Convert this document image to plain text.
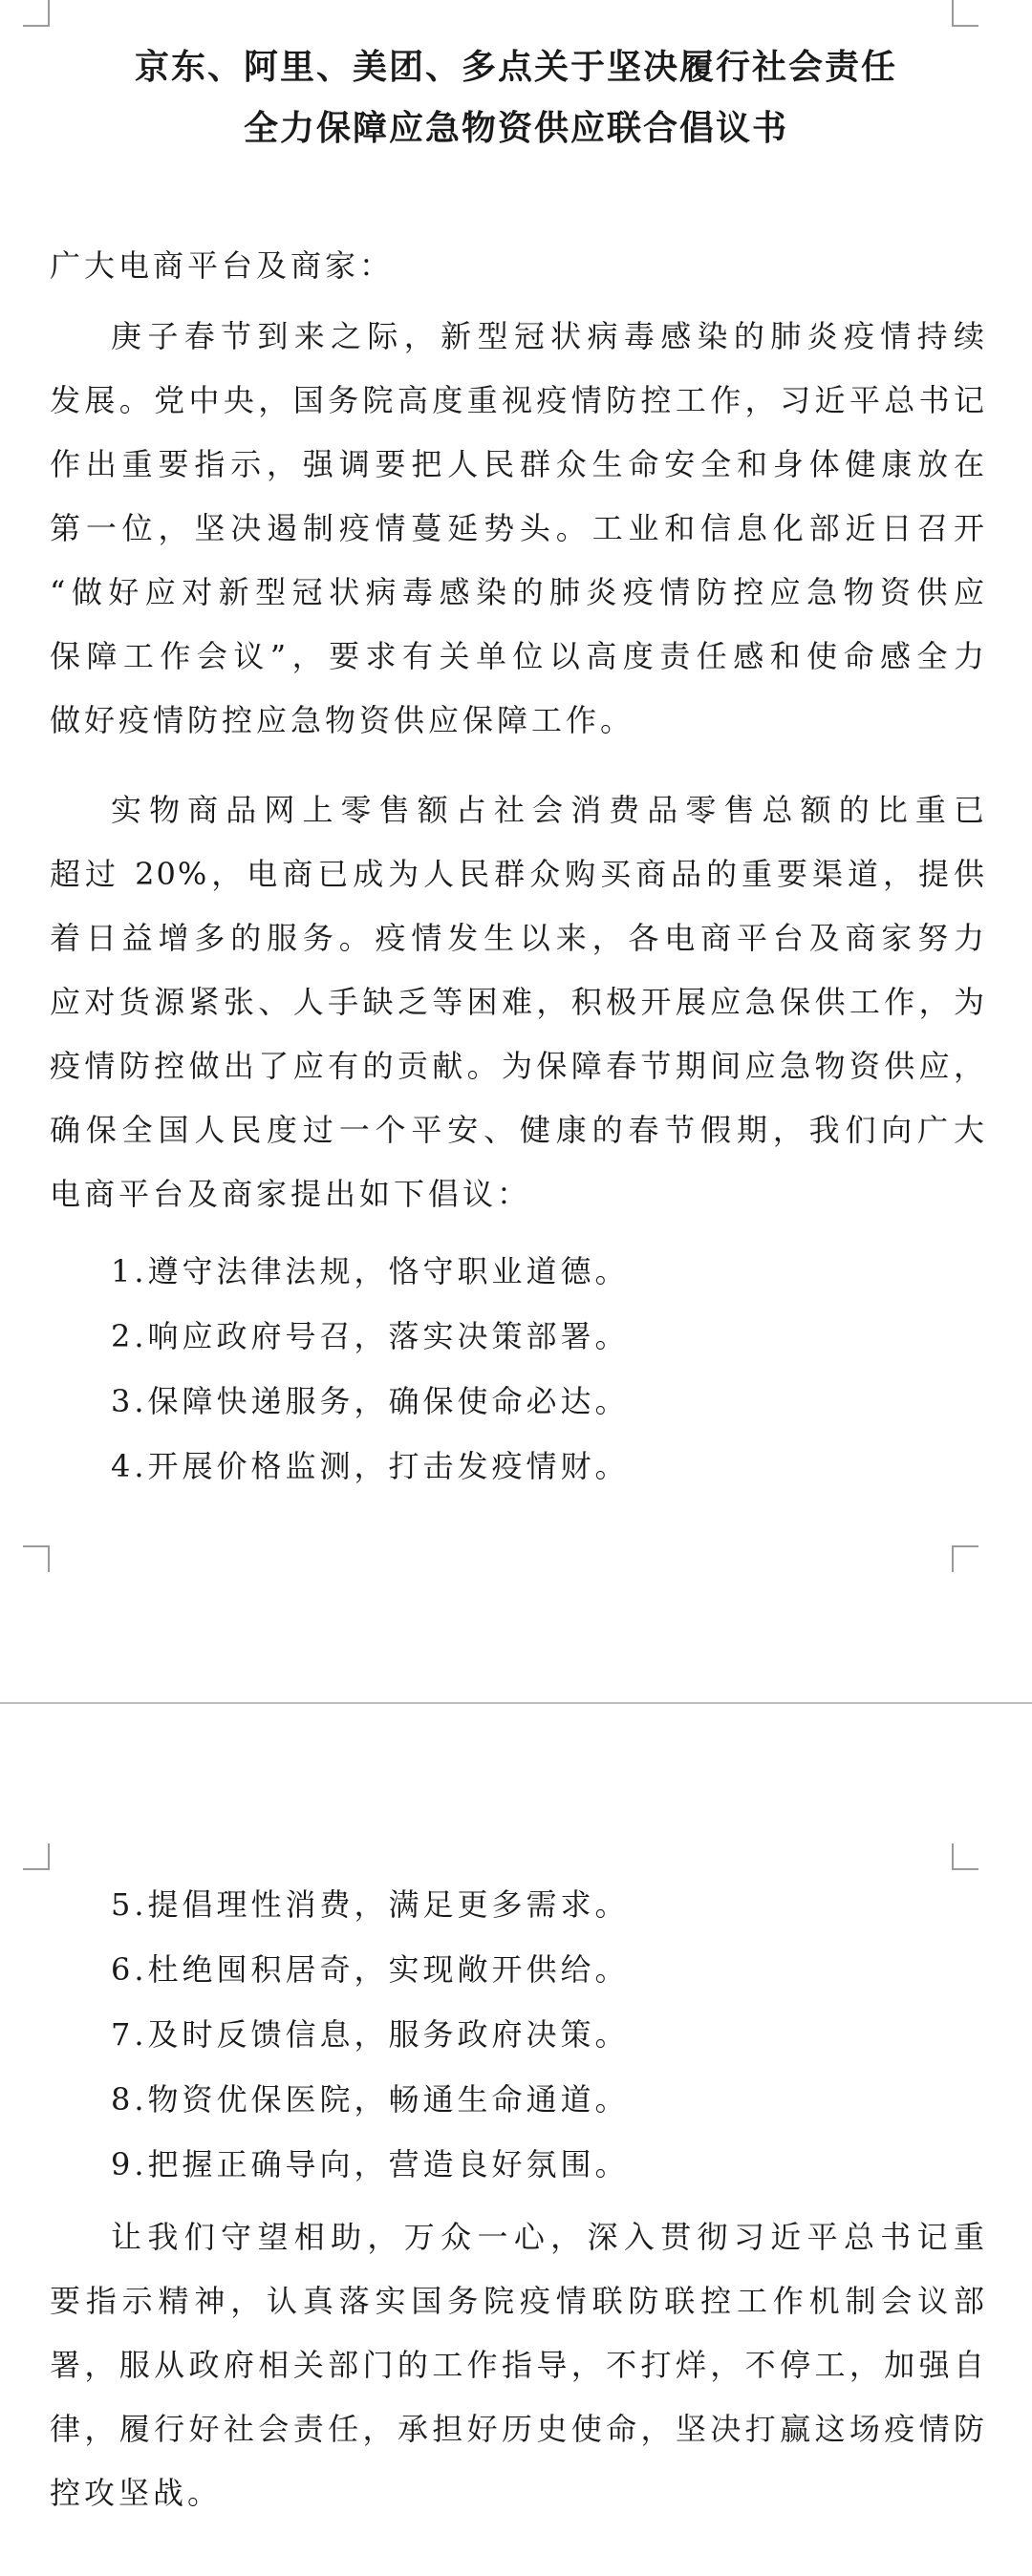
京东、阿里、美团、多点关于坚决履行社会责任
全力保障应急物资供应联合倡议书
广大电商平台及商家：
庚子春节到来之际，新型冠状病毒感染的肺炎疫情持续
发展。党中央，国务院高度重视疫情防控工作，习近平总书记
作出重要指示，强调要把人民群众生命安全和身体健康放在
第一位，坚决遏制疫情蔓延势头。工业和信息化部近日召开
“做好应对新型冠状病毒感染的肺炎疫情防控应急物资供应
保障工作会议”，要求有关单位以高度责任感和使命感全力
做好疫情防控应急物资供应保障工作。
实物商品网上零售额占社会消费品零售总额的比重已
超过 20%，电商已成为人民群众购买商品的重要渠道，提供
着日益增多的服务。疫情发生以来，各电商平台及商家努力
应对货源紧张、人手缺乏等困难，积极开展应急保供工作，为
疫情防控做出了应有的贡献。为保障春节期间应急物资供应，
确保全国人民度过一个平安、健康的春节假期，我们向广大
电商平台及商家提出如下倡议：
1.遵守法律法规，恪守职业道德。
2.响应政府号召，落实决策部署。
3.保障快递服务，确保使命必达。
4.开展价格监测，打击发疫情财。
5.提倡理性消费，满足更多需求。
6.杜绝囤积居奇，实现敞开供给。
7.及时反馈信息，服务政府决策。
8.物资优保医院，畅通生命通道。
9.把握正确导向，营造良好氛围。
让我们守望相助，万众一心，深入贯彻习近平总书记重
要指示精神，认真落实国务院疫情联防联控工作机制会议部
署，服从政府相关部门的工作指导，不打烊，不停工，加强自
律，履行好社会责任，承担好历史使命，坚决打赢这场疫情防
控攻坚战。
